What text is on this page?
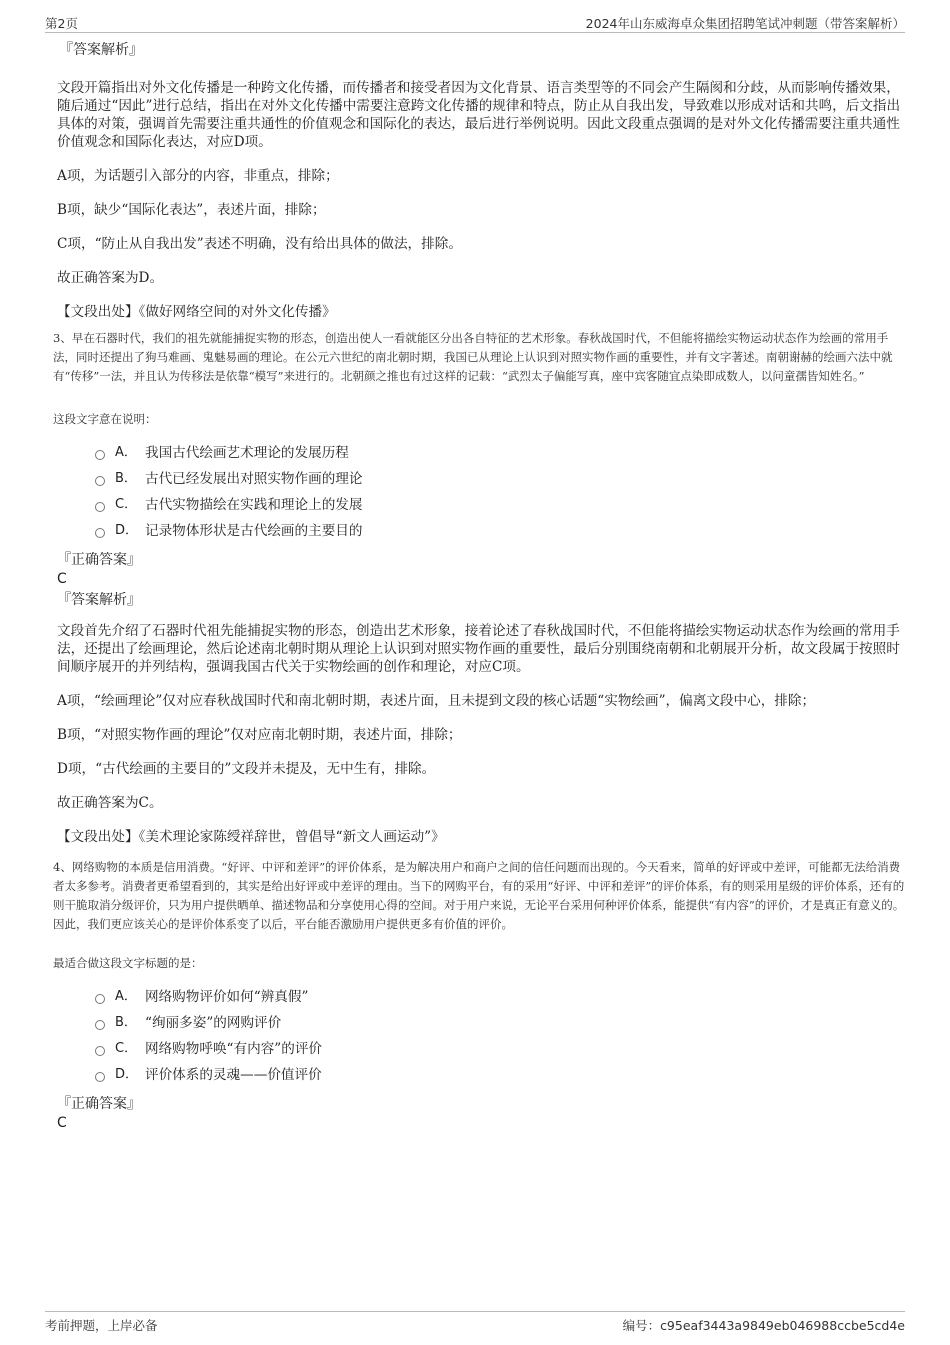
第2页	2024年山东威海卓众集团招聘笔试冲刺题（带答案解析）
『答案解析』
文段开篇指出对外文化传播是一种跨文化传播，而传播者和接受者因为文化背景、语言类型等的不同会产生隔阂和分歧，从而影响传播效果，随后通过“因此”进行总结，指出在对外文化传播中需要注意跨文化传播的规律和特点，防止从自我出发，导致难以形成对话和共鸣，后文指出具体的对策，强调首先需要注重共通性的价值观念和国际化的表达，最后进行举例说明。因此文段重点强调的是对外文化传播需要注重共通性价值观念和国际化表达，对应D项。
A项，为话题引入部分的内容，非重点，排除；
B项，缺少“国际化表达”，表述片面，排除；
C项，“防止从自我出发”表述不明确，没有给出具体的做法，排除。
故正确答案为D。
【文段出处】《做好网络空间的对外文化传播》
3、早在石器时代，我们的祖先就能捕捉实物的形态，创造出使人一看就能区分出各自特征的艺术形象。春秋战国时代，不但能将描绘实物运动状态作为绘画的常用手法，同时还提出了狗马难画、鬼魅易画的理论。在公元六世纪的南北朝时期，我国已从理论上认识到对照实物作画的重要性，并有文字著述。南朝谢赫的绘画六法中就有“传移”一法，并且认为传移法是依靠“模写”来进行的。北朝颜之推也有过这样的记载：“武烈太子偏能写真，座中宾客随宜点染即成数人，以问童孺皆知姓名。”
这段文字意在说明：
A． 我国古代绘画艺术理论的发展历程
B． 古代已经发展出对照实物作画的理论
C． 古代实物描绘在实践和理论上的发展
D． 记录物体形状是古代绘画的主要目的
『正确答案』
C
『答案解析』
文段首先介绍了石器时代祖先能捕捉实物的形态，创造出艺术形象，接着论述了春秋战国时代，不但能将描绘实物运动状态作为绘画的常用手法，还提出了绘画理论，然后论述南北朝时期从理论上认识到对照实物作画的重要性，最后分别围绕南朝和北朝展开分析，故文段属于按照时间顺序展开的并列结构，强调我国古代关于实物绘画的创作和理论，对应C项。
A项，“绘画理论”仅对应春秋战国时代和南北朝时期，表述片面，且未提到文段的核心话题“实物绘画”，偏离文段中心，排除；
B项，“对照实物作画的理论”仅对应南北朝时期，表述片面，排除；
D项，“古代绘画的主要目的”文段并未提及，无中生有，排除。
故正确答案为C。
【文段出处】《美术理论家陈绶祥辞世，曾倡导“新文人画运动”》
4、网络购物的本质是信用消费。“好评、中评和差评”的评价体系，是为解决用户和商户之间的信任问题而出现的。今天看来，简单的好评或中差评，可能都无法给消费者太多参考。消费者更希望看到的，其实是给出好评或中差评的理由。当下的网购平台，有的采用“好评、中评和差评”的评价体系，有的则采用星级的评价体系，还有的则干脆取消分级评价，只为用户提供晒单、描述物品和分享使用心得的空间。对于用户来说，无论平台采用何种评价体系，能提供“有内容”的评价，才是真正有意义的。因此，我们更应该关心的是评价体系变了以后，平台能否激励用户提供更多有价值的评价。
最适合做这段文字标题的是：
A． 网络购物评价如何“辨真假”
B． “绚丽多姿”的网购评价
C． 网络购物呼唤“有内容”的评价
D． 评价体系的灵魂——价值评价
『正确答案』
C
考前押题，上岸必备	编号：c95eaf3443a9849eb046988ccbe5cd4e
